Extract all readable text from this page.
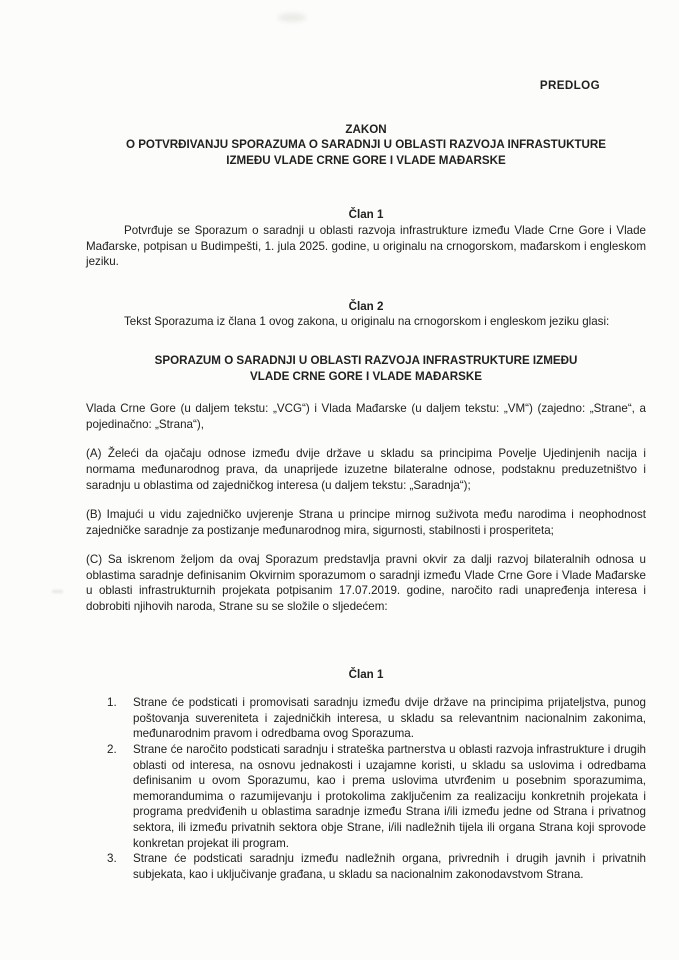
PREDLOG
ZAKON
O POTVRĐIVANJU SPORAZUMA O SARADNJI U OBLASTI RAZVOJA INFRASTUKTURE
IZMEĐU VLADE CRNE GORE I VLADE MAĐARSKE
Član 1

Potvrđuje se Sporazum o saradnji u oblasti razvoja infrastrukture između Vlade Crne Gore i Vlade Mađarske, potpisan u Budimpešti, 1. jula 2025. godine, u originalu na crnogorskom, mađarskom i engleskom jeziku.

Član 2

Tekst Sporazuma iz člana 1 ovog zakona, u originalu na crnogorskom i engleskom jeziku glasi:

SPORAZUM O SARADNJI U OBLASTI RAZVOJA INFRASTRUKTURE IZMEĐU
VLADE CRNE GORE I VLADE MAĐARSKE

Vlada Crne Gore (u daljem tekstu: „VCG“) i Vlada Mađarske (u daljem tekstu: „VM“) (zajedno: „Strane“, a pojedinačno: „Strana“),

(A) Želeći da ojačaju odnose između dvije države u skladu sa principima Povelje Ujedinjenih nacija i normama međunarodnog prava, da unaprijede izuzetne bilateralne odnose, podstaknu preduzetništvo i saradnju u oblastima od zajedničkog interesa (u daljem tekstu: „Saradnja“);

(B) Imajući u vidu zajedničko uvjerenje Strana u principe mirnog suživota među narodima i neophodnost zajedničke saradnje za postizanje međunarodnog mira, sigurnosti, stabilnosti i prosperiteta;

(C) Sa iskrenom željom da ovaj Sporazum predstavlja pravni okvir za dalji razvoj bilateralnih odnosa u oblastima saradnje definisanim Okvirnim sporazumom o saradnji između Vlade Crne Gore i Vlade Mađarske u oblasti infrastrukturnih projekata potpisanim 17.07.2019. godine, naročito radi unapređenja interesa i dobrobiti njihovih naroda, Strane su se složile o sljedećem:

Član 1
1.	Strane će podsticati i promovisati saradnju između dvije države na principima prijateljstva, punog poštovanja suvereniteta i zajedničkih interesa, u skladu sa relevantnim nacionalnim zakonima, međunarodnim pravom i odredbama ovog Sporazuma.
2.	Strane će naročito podsticati saradnju i strateška partnerstva u oblasti razvoja infrastrukture i drugih oblasti od interesa, na osnovu jednakosti i uzajamne koristi, u skladu sa uslovima i odredbama definisanim u ovom Sporazumu, kao i prema uslovima utvrđenim u posebnim sporazumima, memorandumima o razumijevanju i protokolima zaključenim za realizaciju konkretnih projekata i programa predviđenih u oblastima saradnje između Strana i/ili između jedne od Strana i privatnog sektora, ili između privatnih sektora obje Strane, i/ili nadležnih tijela ili organa Strana koji sprovode konkretan projekat ili program.
3.	Strane će podsticati saradnju između nadležnih organa, privrednih i drugih javnih i privatnih subjekata, kao i uključivanje građana, u skladu sa nacionalnim zakonodavstvom Strana.
